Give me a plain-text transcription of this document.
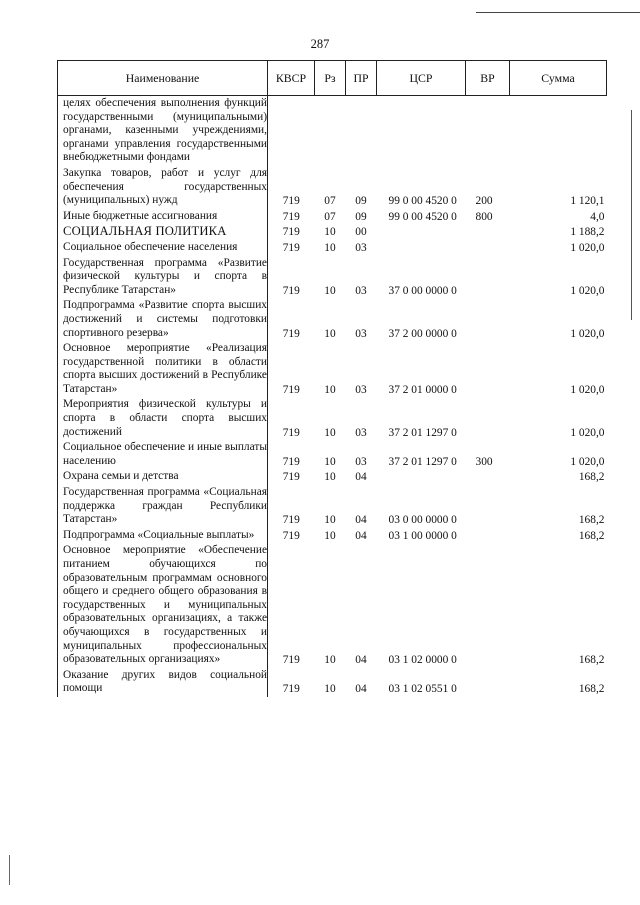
287
Наименование	КВСР	Рз	ПР	ЦСР	ВР	Сумма
целях обеспечения выполнения функций государственными (муниципальными) органами, казенными учреждениями, органами управления государственными внебюджетными фондами						
Закупка товаров, работ и услуг для обеспечения государственных (муниципальных) нужд	719	07	09	99 0 00 4520 0	200	1 120,1
Иные бюджетные ассигнования	719	07	09	99 0 00 4520 0	800	4,0
СОЦИАЛЬНАЯ ПОЛИТИКА	719	10	00			1 188,2
Социальное обеспечение населения	719	10	03			1 020,0
Государственная программа «Развитие физической культуры и спорта в Республике Татарстан»	719	10	03	37 0 00 0000 0		1 020,0
Подпрограмма «Развитие спорта высших достижений и системы подготовки спортивного резерва»	719	10	03	37 2 00 0000 0		1 020,0
Основное мероприятие «Реализация государственной политики в области спорта высших достижений в Республике Татарстан»	719	10	03	37 2 01 0000 0		1 020,0
Мероприятия физической культуры и спорта в области спорта высших достижений	719	10	03	37 2 01 1297 0		1 020,0
Социальное обеспечение и иные выплаты населению	719	10	03	37 2 01 1297 0	300	1 020,0
Охрана семьи и детства	719	10	04			168,2
Государственная программа «Социальная поддержка граждан Республики Татарстан»	719	10	04	03 0 00 0000 0		168,2
Подпрограмма «Социальные выплаты»	719	10	04	03 1 00 0000 0		168,2
Основное мероприятие «Обеспечение питанием обучающихся по образовательным программам основного общего и среднего общего образования в государственных и муниципальных образовательных организациях, а также обучающихся в государственных и муниципальных профессиональных образовательных организациях»	719	10	04	03 1 02 0000 0		168,2
Оказание других видов социальной помощи	719	10	04	03 1 02 0551 0		168,2
